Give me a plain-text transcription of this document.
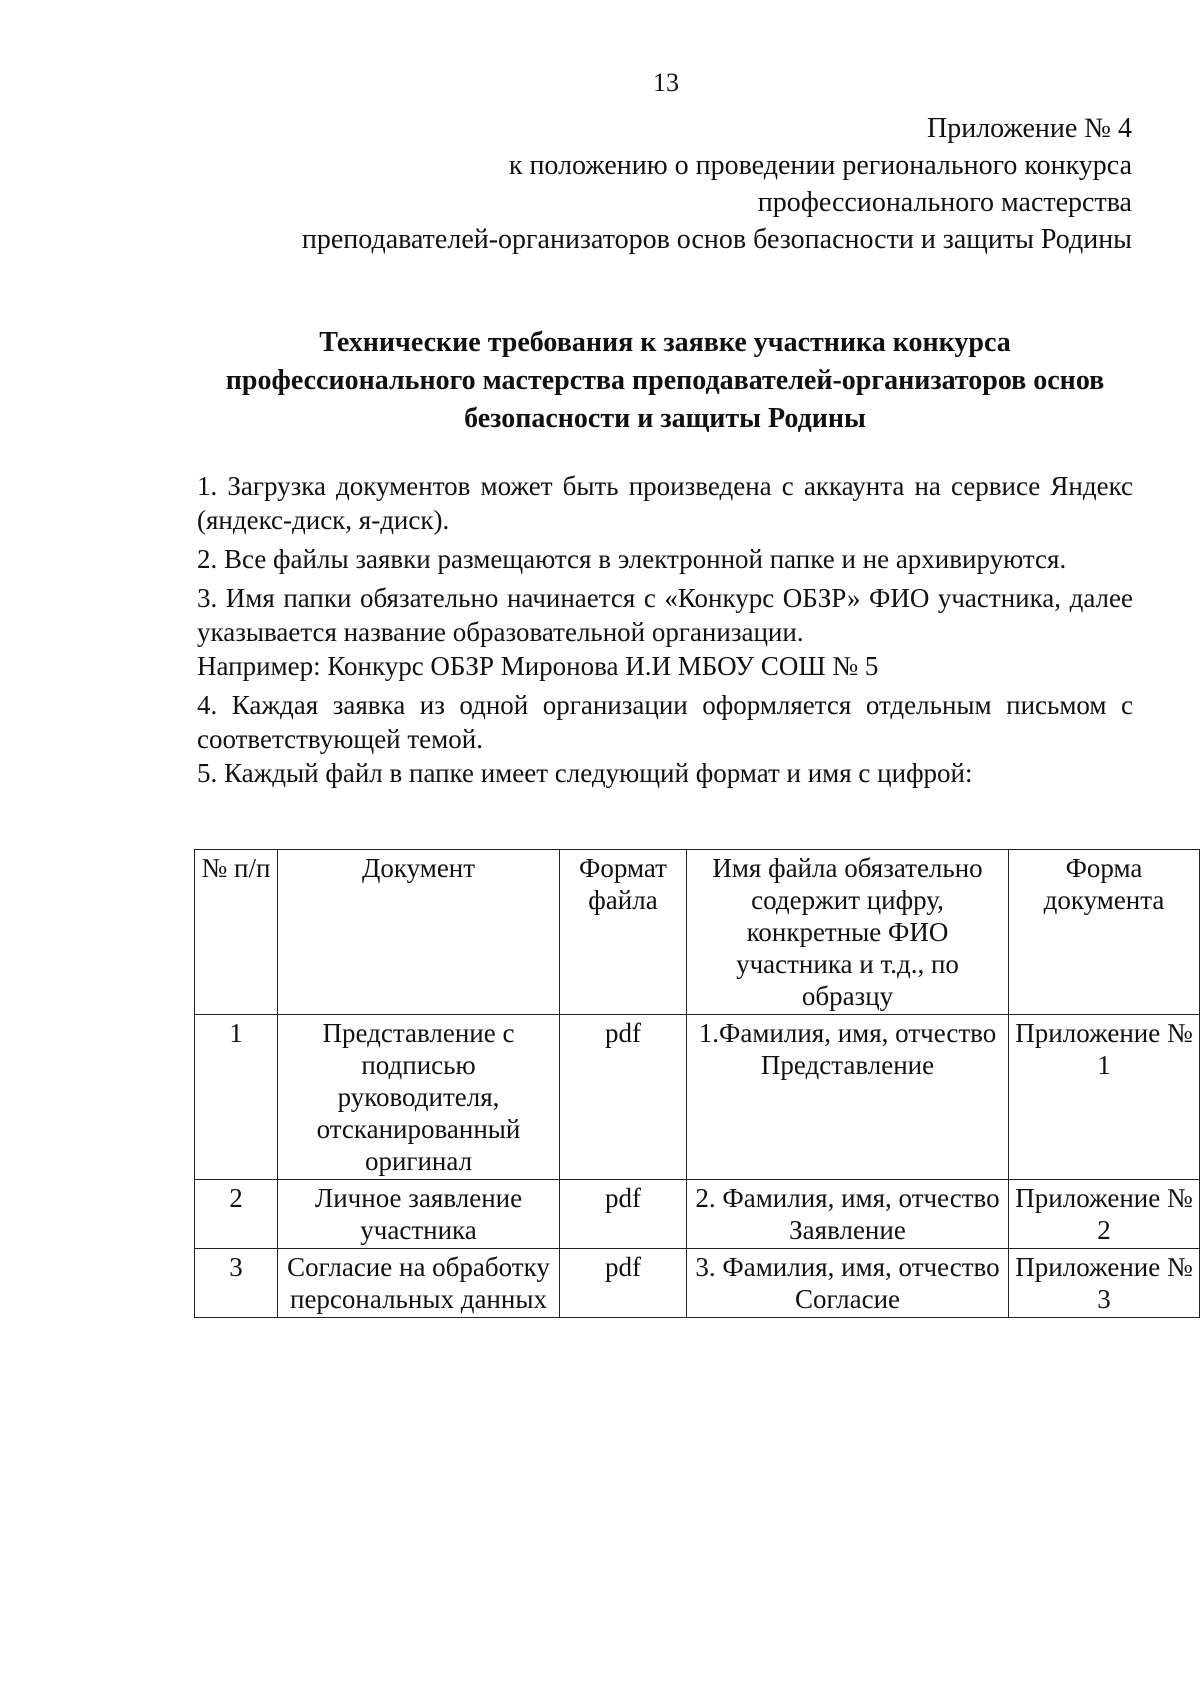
13
Приложение № 4
к положению о проведении регионального конкурса
профессионального мастерства
преподавателей-организаторов основ безопасности и защиты Родины
Технические требования к заявке участника конкурса
профессионального мастерства преподавателей-организаторов основ
безопасности и защиты Родины

1. Загрузка документов может быть произведена с аккаунта на сервисе Яндекс (яндекс-диск, я-диск).

2. Все файлы заявки размещаются в электронной папке и не архивируются.

3. Имя папки обязательно начинается с «Конкурс ОБЗР» ФИО участника, далее указывается название образовательной организации.

Например: Конкурс ОБЗР Миронова И.И МБОУ СОШ № 5

4. Каждая заявка из одной организации оформляется отдельным письмом с соответствующей темой.

5. Каждый файл в папке имеет следующий формат и имя с цифрой:

№ п/п	Документ	Формат файла	Имя файла обязательно содержит цифру, конкретные ФИО участника и т.д., по образцу	Форма документа
1	Представление с подписью руководителя, отсканированный оригинал	pdf	1.Фамилия, имя, отчество Представление	Приложение № 1
2	Личное заявление участника	pdf	2. Фамилия, имя, отчество Заявление	Приложение № 2
3	Согласие на обработку персональных данных	pdf	3. Фамилия, имя, отчество Согласие	Приложение № 3
